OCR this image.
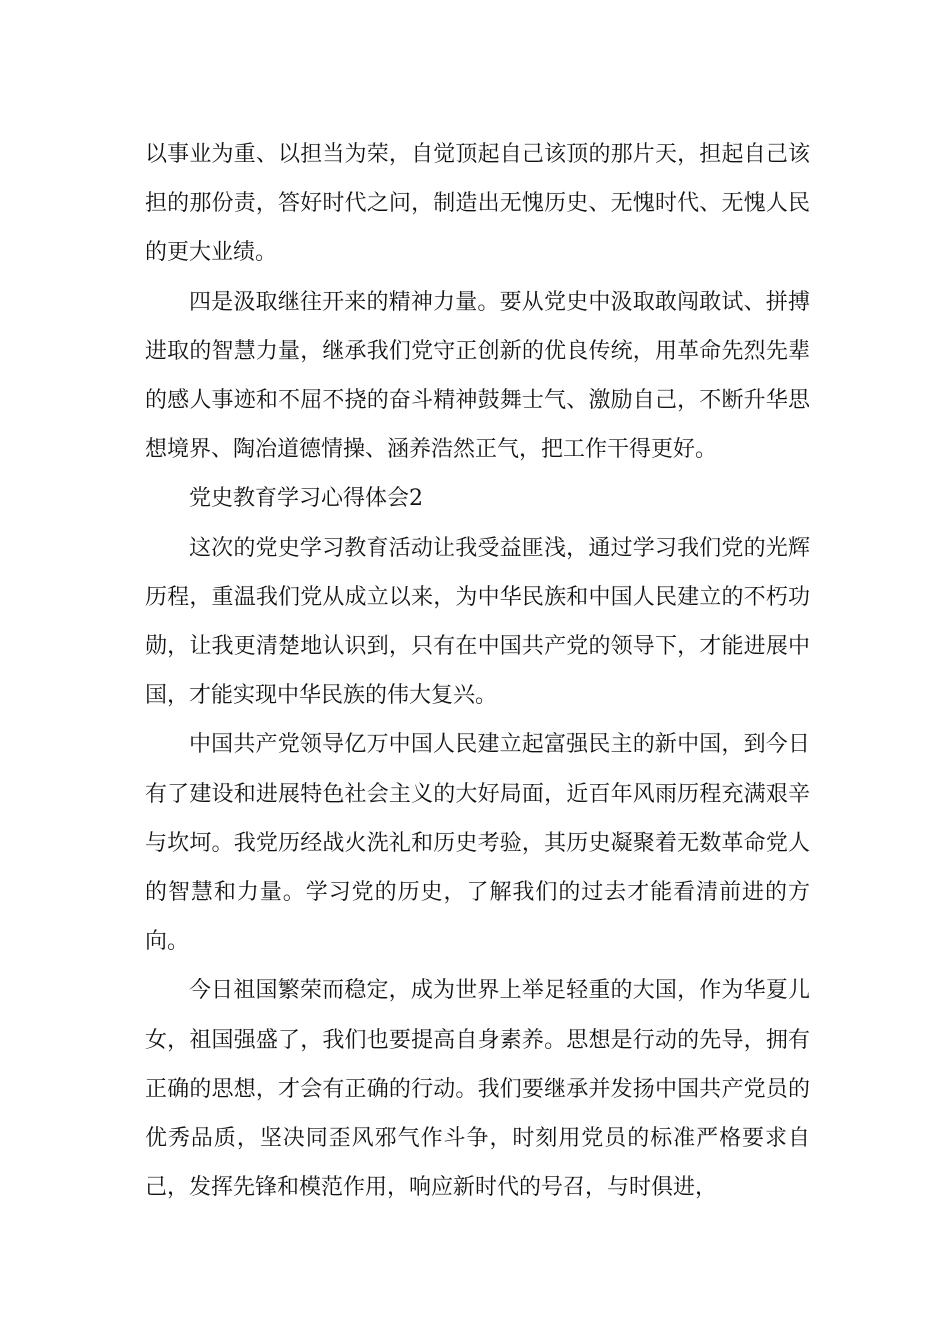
以事业为重、以担当为荣，自觉顶起自己该顶的那片天，担起自己该担的那份责，答好时代之问，制造出无愧历史、无愧时代、无愧人民的更大业绩。

四是汲取继往开来的精神力量。要从党史中汲取敢闯敢试、拼搏进取的智慧力量，继承我们党守正创新的优良传统，用革命先烈先辈的感人事迹和不屈不挠的奋斗精神鼓舞士气、激励自己，不断升华思想境界、陶冶道德情操、涵养浩然正气，把工作干得更好。

党史教育学习心得体会2

这次的党史学习教育活动让我受益匪浅，通过学习我们党的光辉历程，重温我们党从成立以来，为中华民族和中国人民建立的不朽功勋，让我更清楚地认识到，只有在中国共产党的领导下，才能进展中国，才能实现中华民族的伟大复兴。

中国共产党领导亿万中国人民建立起富强民主的新中国，到今日有了建设和进展特色社会主义的大好局面，近百年风雨历程充满艰辛与坎坷。我党历经战火洗礼和历史考验，其历史凝聚着无数革命党人的智慧和力量。学习党的历史，了解我们的过去才能看清前进的方向。

今日祖国繁荣而稳定，成为世界上举足轻重的大国，作为华夏儿女，祖国强盛了，我们也要提高自身素养。思想是行动的先导，拥有正确的思想，才会有正确的行动。我们要继承并发扬中国共产党员的优秀品质，坚决同歪风邪气作斗争，时刻用党员的标准严格要求自己，发挥先锋和模范作用，响应新时代的号召，与时俱进，
